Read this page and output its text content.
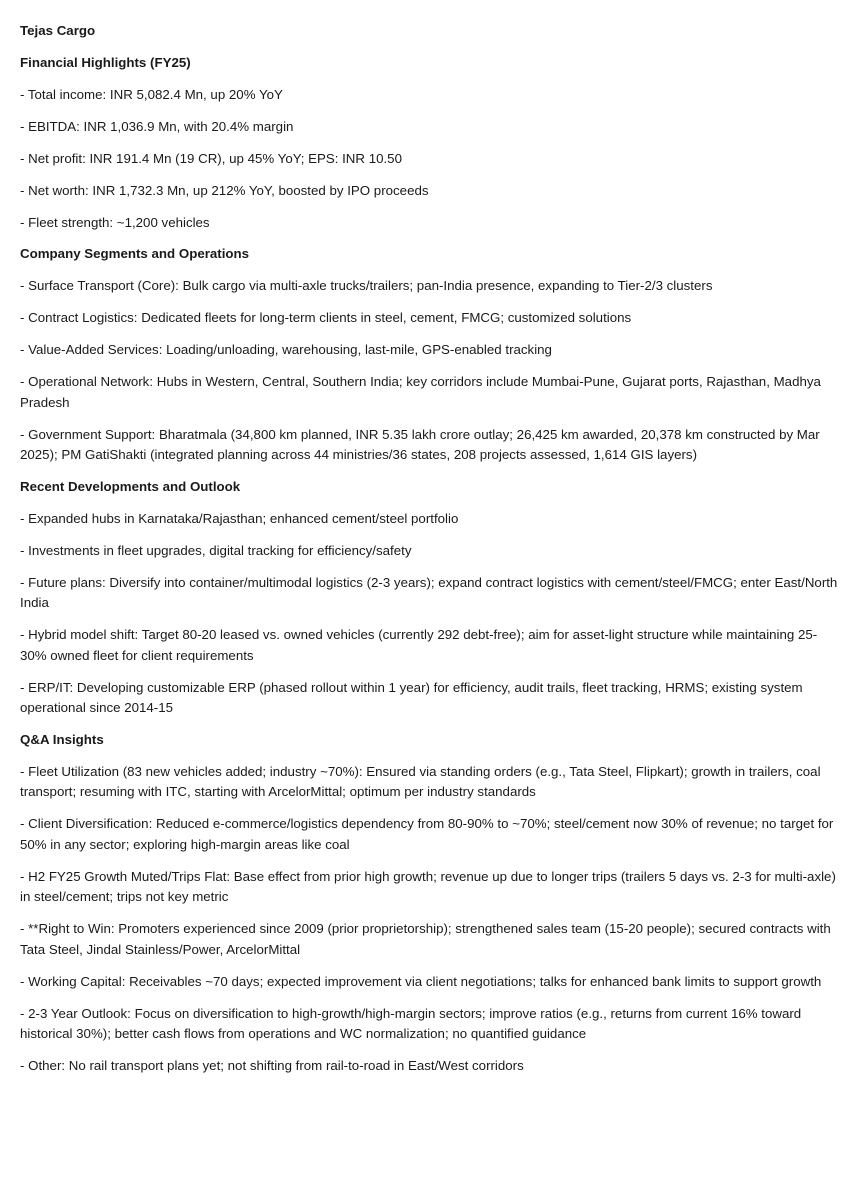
Tejas Cargo
Financial Highlights (FY25)
- Total income: INR 5,082.4 Mn, up 20% YoY
- EBITDA: INR 1,036.9 Mn, with 20.4% margin
- Net profit: INR 191.4 Mn (19 CR), up 45% YoY; EPS: INR 10.50
- Net worth: INR 1,732.3 Mn, up 212% YoY, boosted by IPO proceeds
- Fleet strength: ~1,200 vehicles
Company Segments and Operations
- Surface Transport (Core): Bulk cargo via multi-axle trucks/trailers; pan-India presence, expanding to Tier-2/3 clusters
- Contract Logistics: Dedicated fleets for long-term clients in steel, cement, FMCG; customized solutions
- Value-Added Services: Loading/unloading, warehousing, last-mile, GPS-enabled tracking
- Operational Network: Hubs in Western, Central, Southern India; key corridors include Mumbai-Pune, Gujarat ports, Rajasthan, Madhya Pradesh
- Government Support: Bharatmala (34,800 km planned, INR 5.35 lakh crore outlay; 26,425 km awarded, 20,378 km constructed by Mar 2025); PM GatiShakti (integrated planning across 44 ministries/36 states, 208 projects assessed, 1,614 GIS layers)
Recent Developments and Outlook
- Expanded hubs in Karnataka/Rajasthan; enhanced cement/steel portfolio
- Investments in fleet upgrades, digital tracking for efficiency/safety
- Future plans: Diversify into container/multimodal logistics (2-3 years); expand contract logistics with cement/steel/FMCG; enter East/North India
- Hybrid model shift: Target 80-20 leased vs. owned vehicles (currently 292 debt-free); aim for asset-light structure while maintaining 25-30% owned fleet for client requirements
- ERP/IT: Developing customizable ERP (phased rollout within 1 year) for efficiency, audit trails, fleet tracking, HRMS; existing system operational since 2014-15
Q&A Insights
- Fleet Utilization (83 new vehicles added; industry ~70%): Ensured via standing orders (e.g., Tata Steel, Flipkart); growth in trailers, coal transport; resuming with ITC, starting with ArcelorMittal; optimum per industry standards
- Client Diversification: Reduced e-commerce/logistics dependency from 80-90% to ~70%; steel/cement now 30% of revenue; no target for 50% in any sector; exploring high-margin areas like coal
- H2 FY25 Growth Muted/Trips Flat: Base effect from prior high growth; revenue up due to longer trips (trailers 5 days vs. 2-3 for multi-axle) in steel/cement; trips not key metric
- **Right to Win: Promoters experienced since 2009 (prior proprietorship); strengthened sales team (15-20 people); secured contracts with Tata Steel, Jindal Stainless/Power, ArcelorMittal
- Working Capital: Receivables ~70 days; expected improvement via client negotiations; talks for enhanced bank limits to support growth
- 2-3 Year Outlook: Focus on diversification to high-growth/high-margin sectors; improve ratios (e.g., returns from current 16% toward historical 30%); better cash flows from operations and WC normalization; no quantified guidance
- Other: No rail transport plans yet; not shifting from rail-to-road in East/West corridors
